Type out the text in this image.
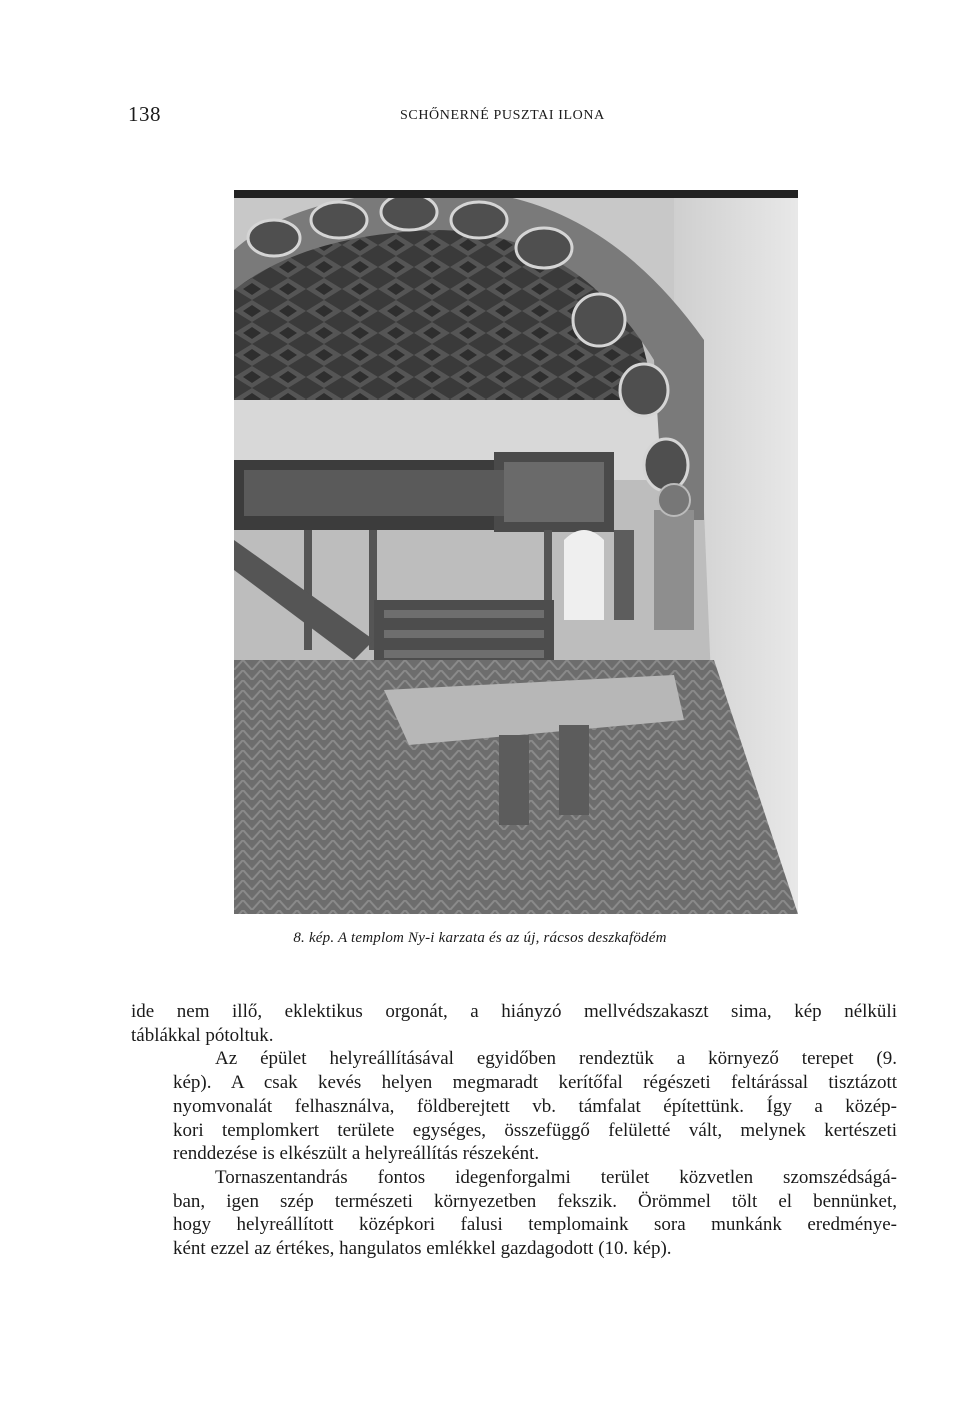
138	SCHŐNERNÉ PUSZTAI ILONA
8. kép. A templom Ny-i karzata és az új, rácsos deszkafödém

ide nem illő, eklektikus orgonát, a hiányzó mellvédszakaszt sima, kép nélküli
táblákkal pótoltuk.

Az épület helyreállításával egyidőben rendeztük a környező terepet (9.
kép). A csak kevés helyen megmaradt kerítőfal régészeti feltárással tisztázott
nyomvonalát felhasználva, földberejtett vb. támfalat építettünk. Így a közép-
kori templomkert területe egységes, összefüggő felületté vált, melynek kertészeti
renddezése is elkészült a helyreállítás részeként.

Tornaszentandrás fontos idegenforgalmi terület közvetlen szomszédságá-
ban, igen szép természeti környezetben fekszik. Örömmel tölt el bennünket,
hogy helyreállított középkori falusi templomaink sora munkánk eredménye-
ként ezzel az értékes, hangulatos emlékkel gazdagodott (10. kép).
